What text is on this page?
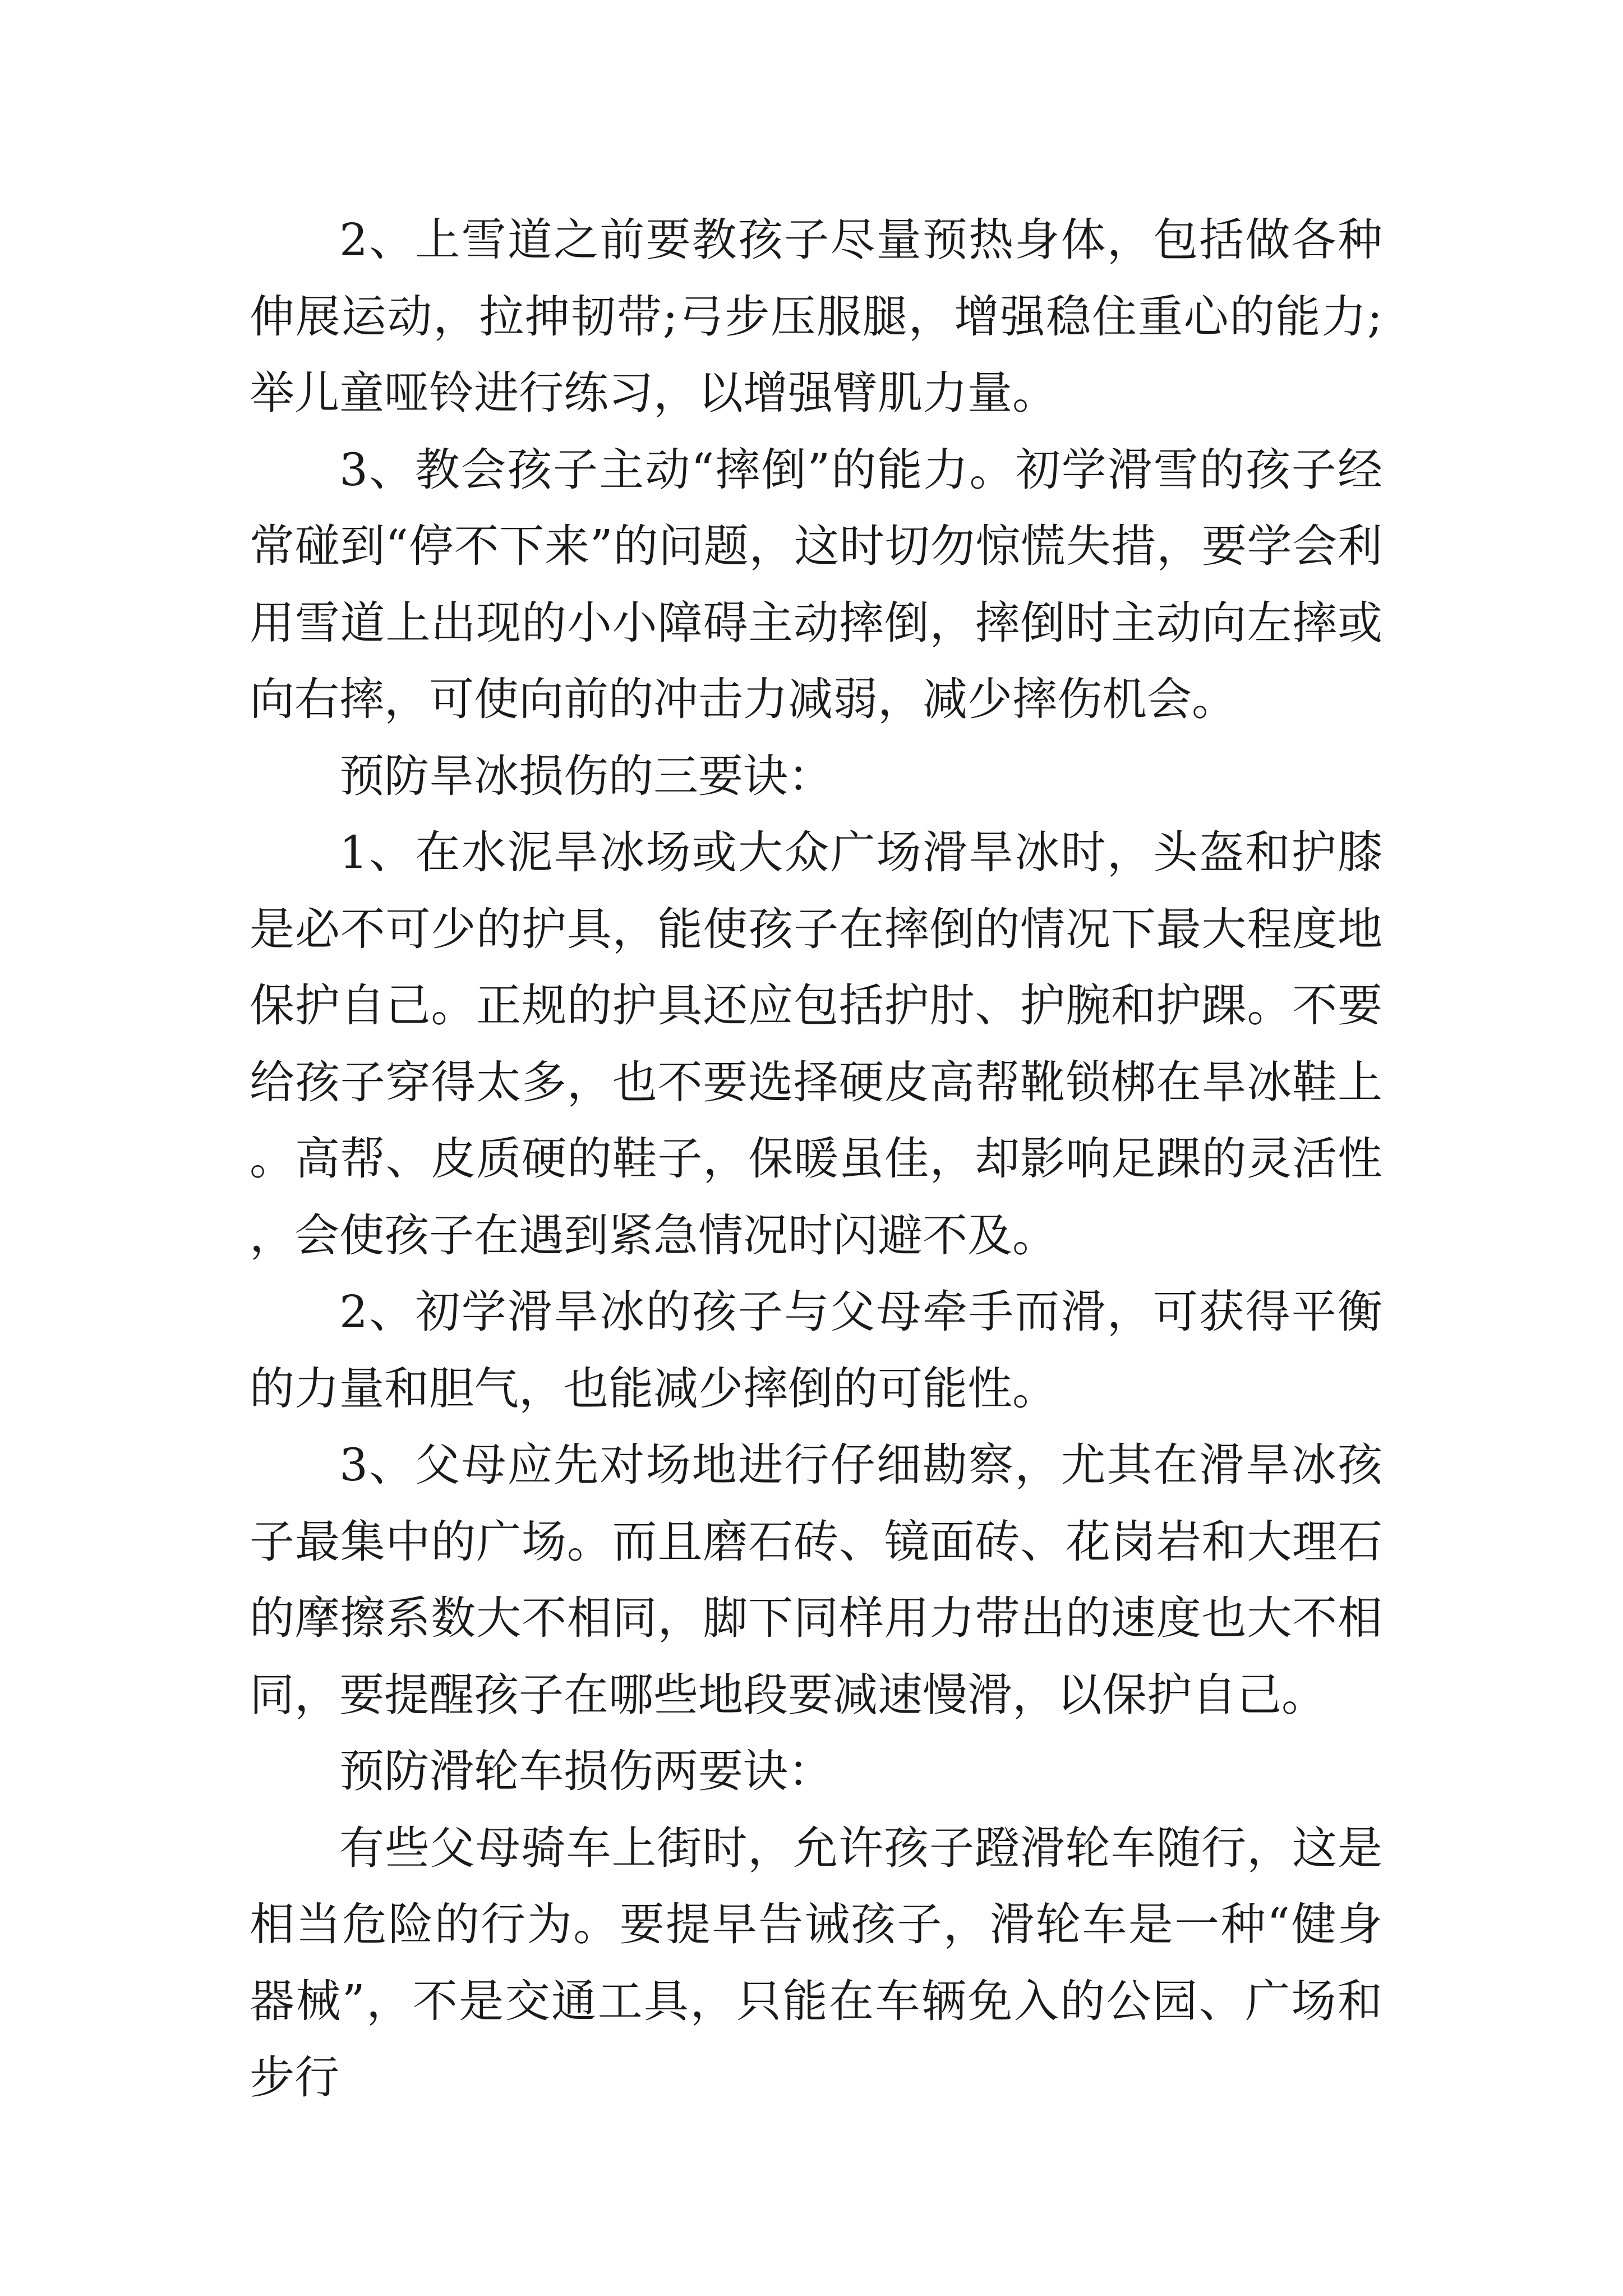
2、上雪道之前要教孩子尽量预热身体，包括做各种伸展运动，拉抻韧带;弓步压服腿，增强稳住重心的能力;举儿童哑铃进行练习，以增强臂肌力量。

3、教会孩子主动“摔倒”的能力。初学滑雪的孩子经常碰到“停不下来”的问题，这时切勿惊慌失措，要学会利用雪道上出现的小小障碍主动摔倒，摔倒时主动向左摔或向右摔，可使向前的冲击力减弱，减少摔伤机会。

预防旱冰损伤的三要诀：

1、在水泥旱冰场或大众广场滑旱冰时，头盔和护膝是必不可少的护具，能使孩子在摔倒的情况下最大程度地保护自己。正规的护具还应包括护肘、护腕和护踝。不要给孩子穿得太多，也不要选择硬皮高帮靴锁梆在旱冰鞋上。高帮、皮质硬的鞋子，保暖虽佳，却影响足踝的灵活性，会使孩子在遇到紧急情况时闪避不及。

2、初学滑旱冰的孩子与父母牵手而滑，可获得平衡的力量和胆气，也能减少摔倒的可能性。

3、父母应先对场地进行仔细勘察，尤其在滑旱冰孩子最集中的广场。而且磨石砖、镜面砖、花岗岩和大理石的摩擦系数大不相同，脚下同样用力带出的速度也大不相同，要提醒孩子在哪些地段要减速慢滑，以保护自己。

预防滑轮车损伤两要诀：

有些父母骑车上街时，允许孩子蹬滑轮车随行，这是相当危险的行为。要提早告诫孩子，滑轮车是一种“健身器械”，不是交通工具，只能在车辆免入的公园、广场和步行
